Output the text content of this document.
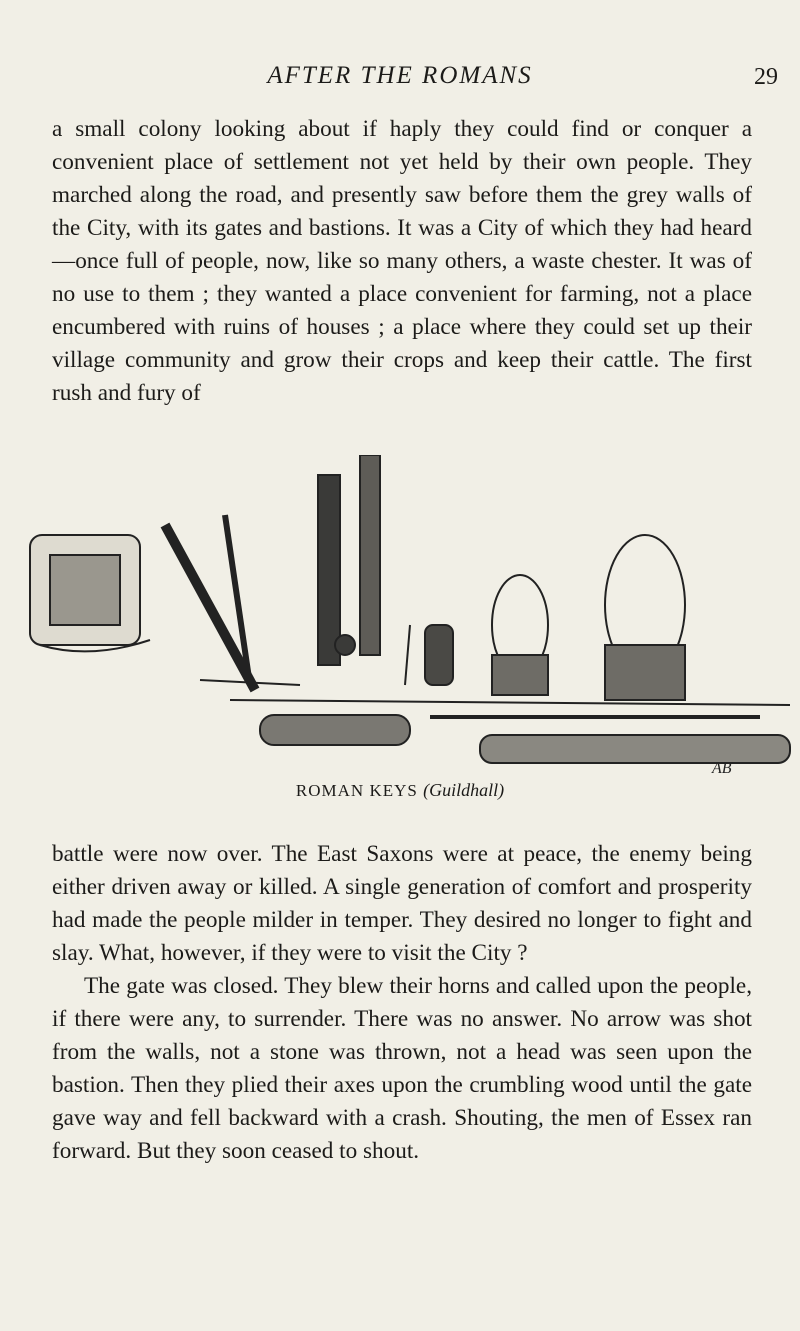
AFTER THE ROMANS	29

a small colony looking about if haply they could find or conquer a convenient place of settlement not yet held by their own people. They marched along the road, and presently saw before them the grey walls of the City, with its gates and bastions. It was a City of which they had heard—once full of people, now, like so many others, a waste chester. It was of no use to them ; they wanted a place convenient for farming, not a place encumbered with ruins of houses ; a place where they could set up their village community and grow their crops and keep their cattle. The first rush and fury of

AB
ROMAN KEYS (Guildhall)

battle were now over. The East Saxons were at peace, the enemy being either driven away or killed. A single generation of comfort and prosperity had made the people milder in temper. They desired no longer to fight and slay. What, however, if they were to visit the City ?

The gate was closed. They blew their horns and called upon the people, if there were any, to surrender. There was no answer. No arrow was shot from the walls, not a stone was thrown, not a head was seen upon the bastion. Then they plied their axes upon the crumbling wood until the gate gave way and fell backward with a crash. Shouting, the men of Essex ran forward. But they soon ceased to shout.
